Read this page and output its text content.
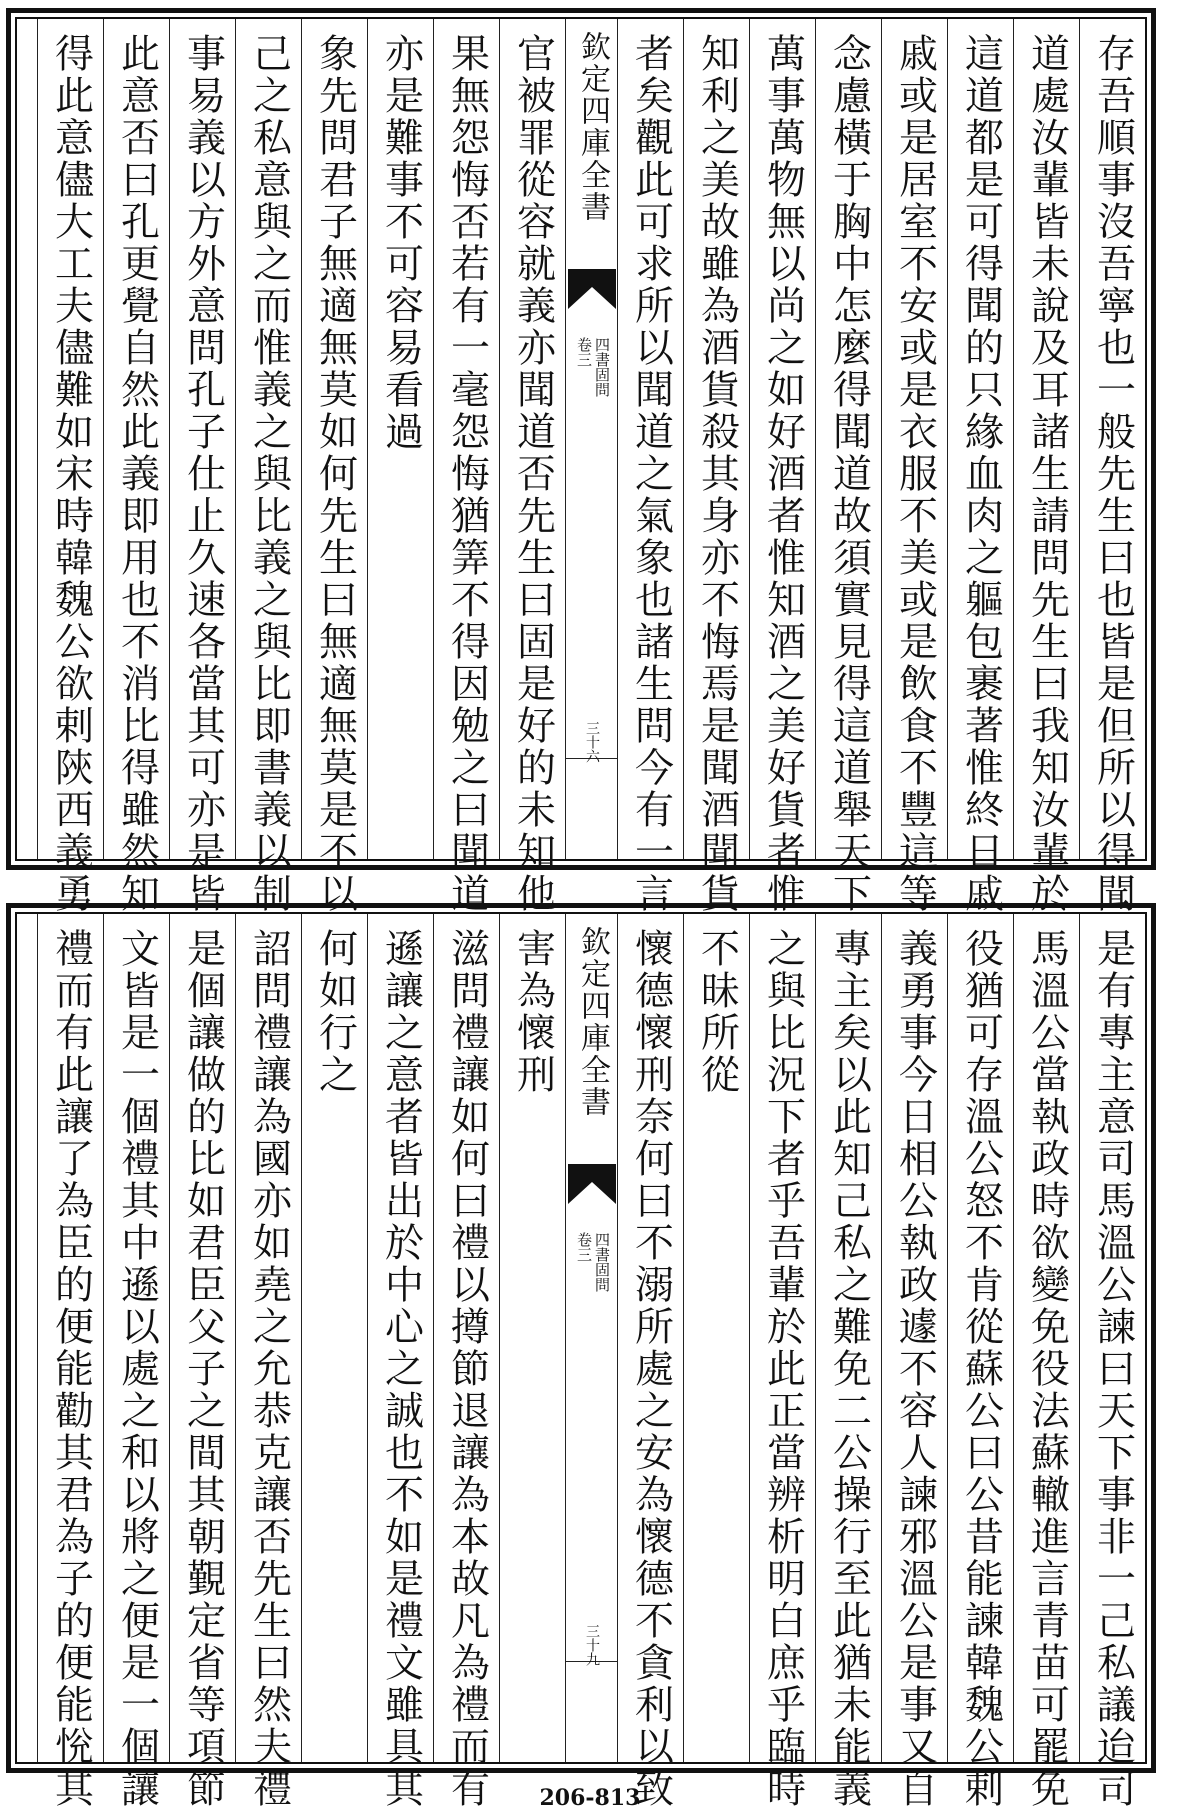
存吾順事沒吾寧也一般先生曰也皆是但所以得聞
道處汝輩皆未說及耳諸生請問先生曰我知汝輩於
這道都是可得聞的只緣血肉之軀包裹著惟終日戚
戚或是居室不安或是衣服不美或是飲食不豐這等
念慮橫于胸中怎麼得聞道故須實見得這道舉天下
萬事萬物無以尚之如好酒者惟知酒之美好貨者惟
知利之美故雖為酒貨殺其身亦不悔焉是聞酒聞貨
者矣觀此可求所以聞道之氣象也諸生問今有一言
欽定四庫全書
四書固問
卷三
三十六
官被罪從容就義亦聞道否先生曰固是好的未知他
果無怨悔否若有一毫怨悔猶筭不得因勉之曰聞道
亦是難事不可容易看過
象先問君子無適無莫如何先生曰無適無莫是不以
己之私意與之而惟義之與比義之與比即書義以制
事易義以方外意問孔子仕止久速各當其可亦是皆
此意否曰孔更覺自然此義即用也不消比得雖然知
得此意儘大工夫儘難如宋時韓魏公欲剌陝西義勇
是有專主意司馬溫公諫曰天下事非一己私議迨司
馬溫公當執政時欲變免役法蘇轍進言青苗可罷免
役猶可存溫公怒不肯從蘇公曰公昔能諫韓魏公剌
義勇事今日相公執政遽不容人諫邪溫公是事又自
專主矣以此知己私之難免二公操行至此猶未能義
之與比況下者乎吾輩於此正當辨析明白庶乎臨時
不昧所從
懷德懷刑奈何曰不溺所處之安為懷德不貪利以致
欽定四庫全書
四書固問
卷三
三十九
害為懷刑
滋問禮讓如何曰禮以撙節退讓為本故凡為禮而有
遜讓之意者皆出於中心之誠也不如是禮文雖具其
何如行之
詔問禮讓為國亦如堯之允恭克讓否先生曰然夫禮
是個讓做的比如君臣父子之間其朝覲定省等項節
文皆是一個禮其中遜以處之和以將之便是一個讓
禮而有此讓了為臣的便能勸其君為子的便能恱其	206-813
